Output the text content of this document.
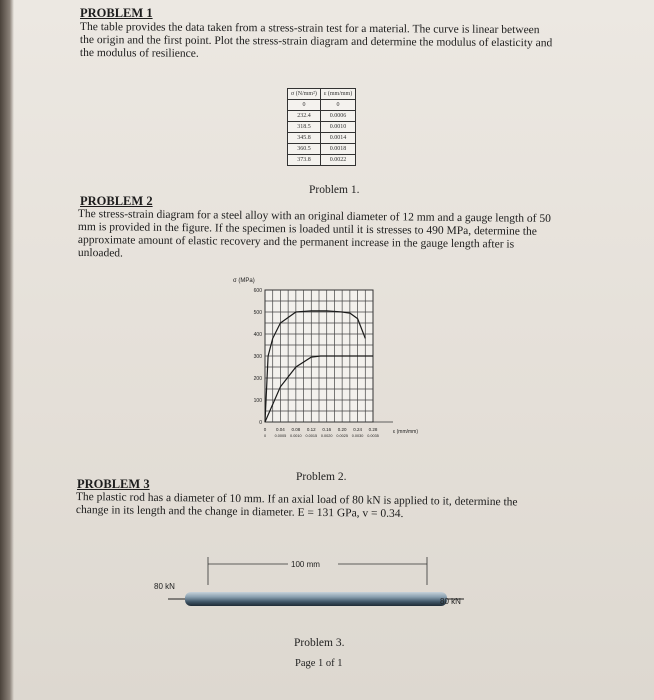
PROBLEM 1
The table provides the data taken from a stress-strain test for a material. The curve is linear between
the origin and the first point. Plot the stress-strain diagram and determine the modulus of elasticity and
the modulus of resilience.
σ (N/mm²)	ε (mm/mm)
0	0
232.4	0.0006
318.5	0.0010
345.8	0.0014
360.5	0.0018
373.8	0.0022
Problem 1.
PROBLEM 2
The stress-strain diagram for a steel alloy with an original diameter of 12 mm and a gauge length of 50
mm is provided in the figure. If the specimen is loaded until it is stresses to 490 MPa, determine the
approximate amount of elastic recovery and the permanent increase in the gauge length after is
unloaded.
σ (MPa)
ε (mm/mm)
600
500
400
300
200
100
0
0 0.04 0.08 0.12 0.16 0.20 0.24 0.28
0 0.0005 0.0010 0.0015 0.0020 0.0025 0.0030 0.0035
Problem 2.
PROBLEM 3
The plastic rod has a diameter of 10 mm. If an axial load of 80 kN is applied to it, determine the
change in its length and the change in diameter. E = 131 GPa, v = 0.34.
100 mm
80 kN
80 kN
Problem 3.
Page 1 of 1
